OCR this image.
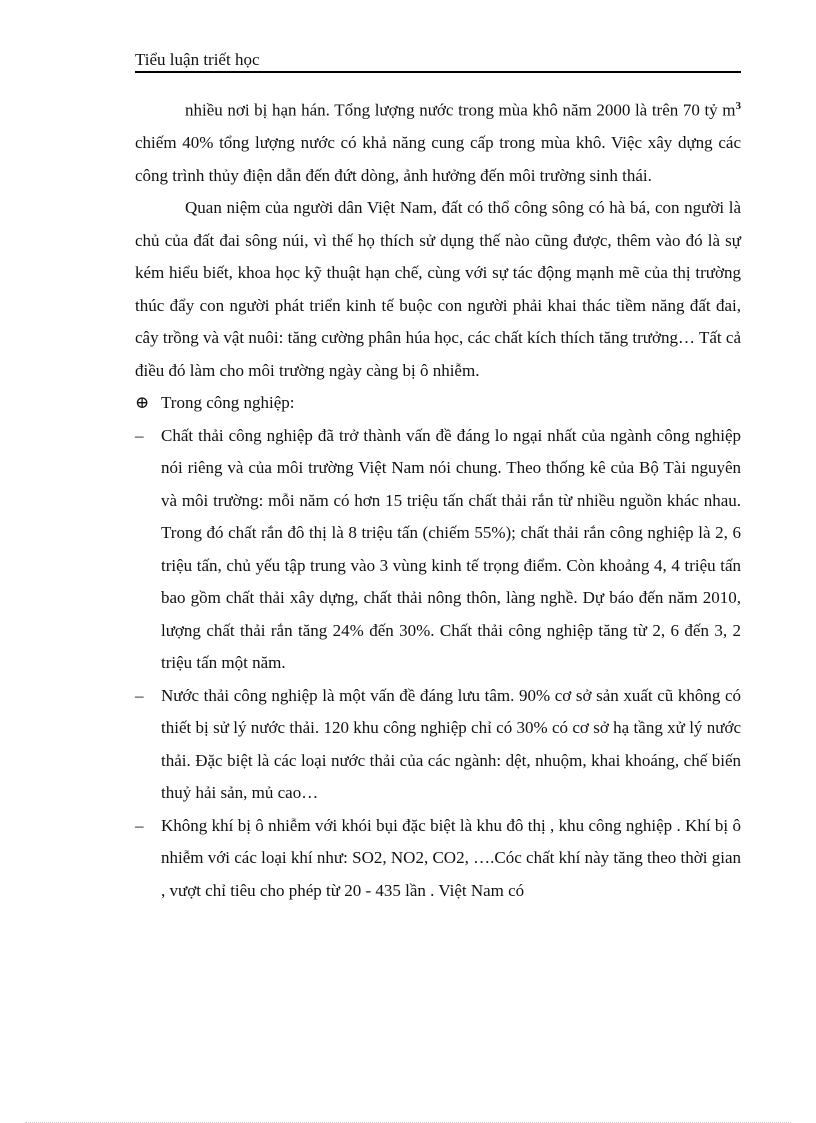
Tiểu luận triết học

nhiều nơi bị hạn hán. Tổng lượng nước trong mùa khô năm 2000 là trên 70 tỷ $m^3$ chiếm 40% tổng lượng nước có khả năng cung cấp trong mùa khô. Việc xây dựng các công trình thủy điện dẫn đến đứt dòng, ảnh hưởng đến môi trường sinh thái.

Quan niệm của người dân Việt Nam, đất có thổ công sông có hà bá, con người là chủ của đất đai sông núi, vì thế họ thích sử dụng thế nào cũng được, thêm vào đó là sự kém hiểu biết, khoa học kỹ thuật hạn chế, cùng với sự tác động mạnh mẽ của thị trường thúc đẩy con người phát triển kinh tế buộc con người phải khai thác tiềm năng đất đai, cây trồng và vật nuôi: tăng cường phân húa học, các chất kích thích tăng trưởng… Tất cả điều đó làm cho môi trường ngày càng bị ô nhiễm.

⊕ Trong công nghiệp:
–	Chất thải công nghiệp đã trở thành vấn đề đáng lo ngại nhất của ngành công nghiệp nói riêng và của môi trường Việt Nam nói chung. Theo thống kê của Bộ Tài nguyên và môi trường: mỗi năm có hơn 15 triệu tấn chất thải rắn từ nhiều nguồn khác nhau. Trong đó chất rắn đô thị là 8 triệu tấn (chiếm 55%); chất thải rắn công nghiệp là 2, 6 triệu tấn, chủ yếu tập trung vào 3 vùng kinh tế trọng điểm. Còn khoảng 4, 4 triệu tấn bao gồm chất thải xây dựng, chất thải nông thôn, làng nghề. Dự báo đến năm 2010, lượng chất thải rắn tăng 24% đến 30%. Chất thải công nghiệp tăng từ 2, 6 đến 3, 2 triệu tấn một năm.
–	Nước thải công nghiệp là một vấn đề đáng lưu tâm. 90% cơ sở sản xuất cũ không có thiết bị sử lý nước thải. 120 khu công nghiệp chỉ có 30% có cơ sở hạ tầng xử lý nước thải. Đặc biệt là các loại nước thải của các ngành: dệt, nhuộm, khai khoáng, chế biến thuỷ hải sản, mủ cao…
–	Không khí bị ô nhiễm với khói bụi đặc biệt là khu đô thị , khu công nghiệp . Khí bị ô nhiễm với các loại khí như: SO2, NO2, CO2, ….Cóc chất khí này tăng theo thời gian , vượt chỉ tiêu cho phép từ 20 - 435 lần . Việt Nam có
